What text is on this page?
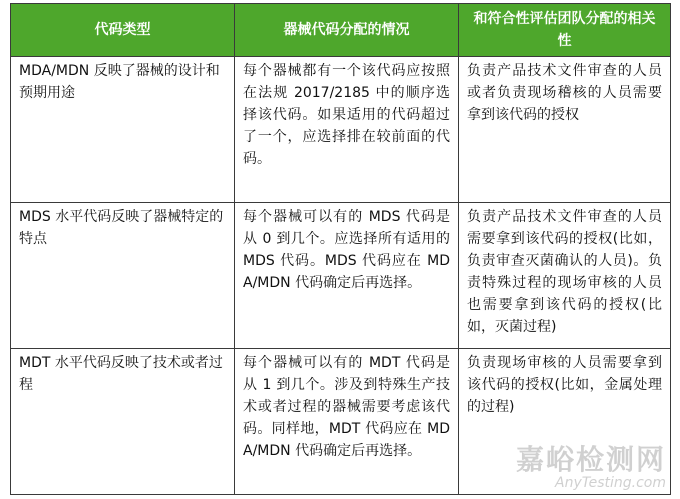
代码类型	器械代码分配的情况	和符合性评估团队分配的相关性
MDA/MDN 反映了器械的设计和预期用途	每个器械都有一个该代码应按照在法规 2017/2185 中的顺序选择该代码。如果适用的代码超过了一个，应选择排在较前面的代码。	负责产品技术文件审查的人员或者负责现场稽核的人员需要拿到该代码的授权
MDS 水平代码反映了器械特定的特点	每个器械可以有的 MDS 代码是从 0 到几个。应选择所有适用的 MDS 代码。MDS 代码应在 MDA/MDN 代码确定后再选择。	负责产品技术文件审查的人员需要拿到该代码的授权(比如，负责审查灭菌确认的人员)。负责特殊过程的现场审核的人员也需要拿到该代码的授权(比如，灭菌过程)
MDT 水平代码反映了技术或者过程	每个器械可以有的 MDT 代码是从 1 到几个。涉及到特殊生产技术或者过程的器械需要考虑该代码。同样地，MDT 代码应在 MDA/MDN 代码确定后再选择。	负责现场审核的人员需要拿到该代码的授权(比如，金属处理的过程)
嘉峪检测网
AnyTesting.com
